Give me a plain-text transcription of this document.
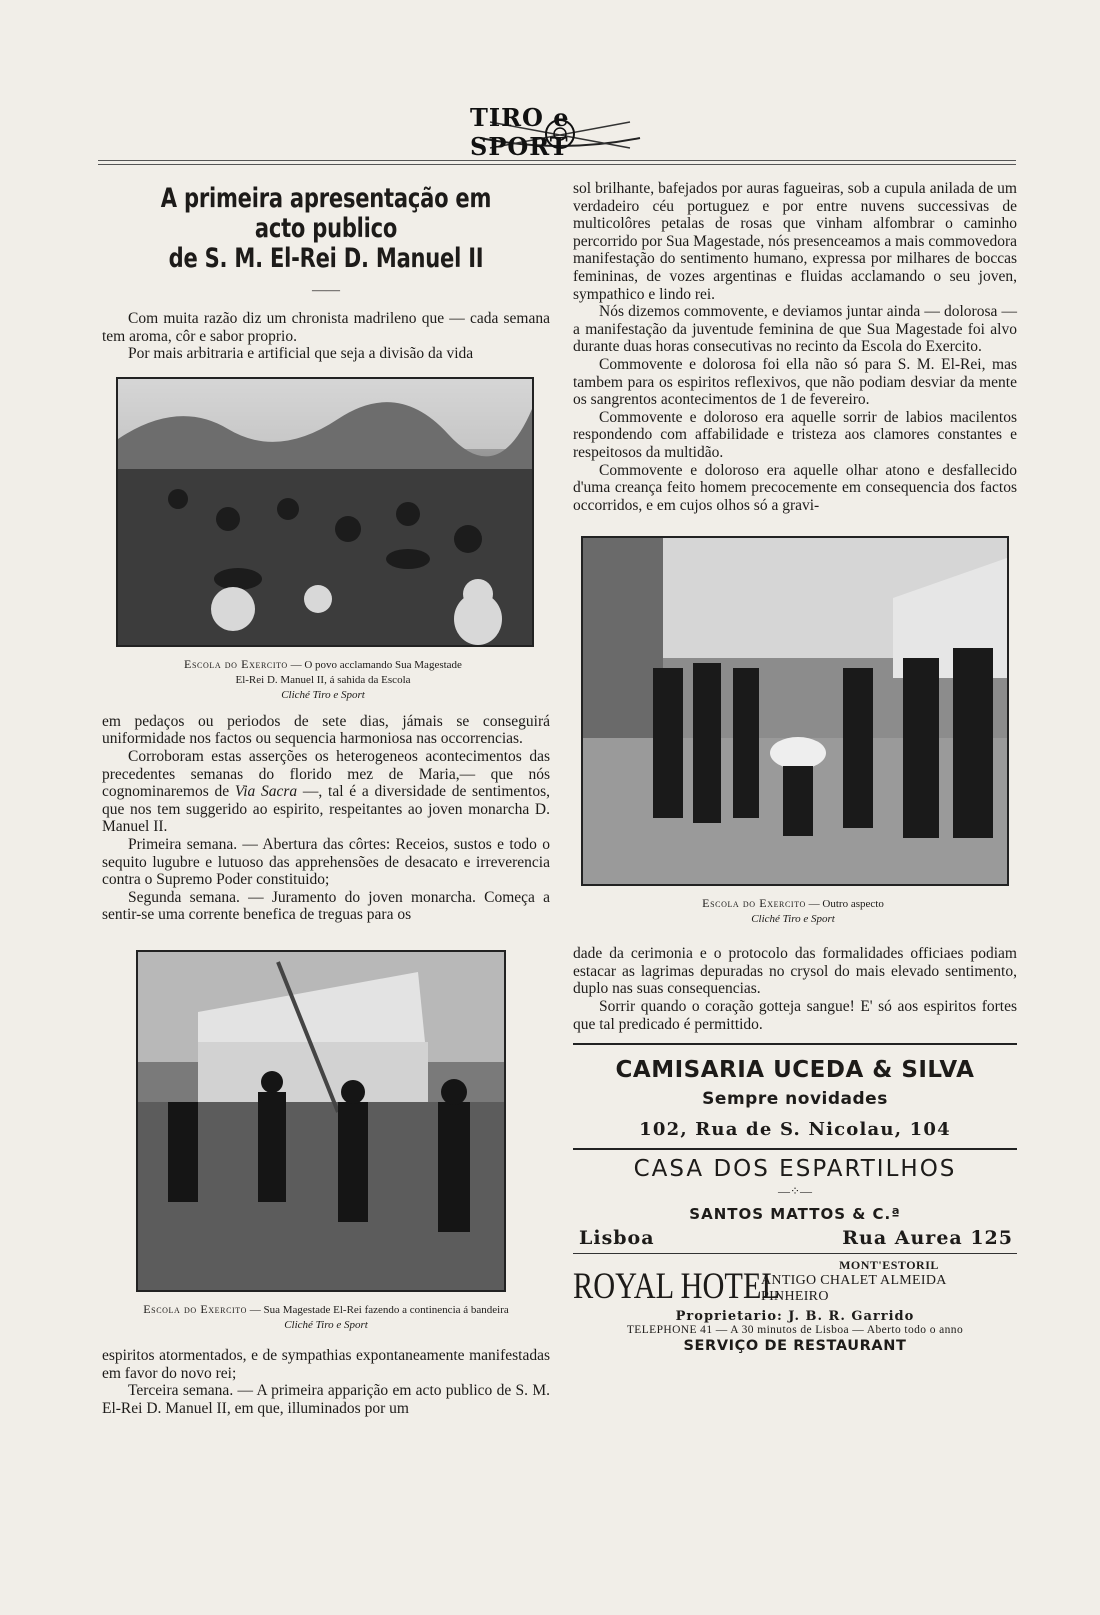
TIRO e SPORT
A primeira apresentação em acto publico
de S. M. El-Rei D. Manuel II
——

Com muita razão diz um chronista madrileno que — cada semana tem aroma, côr e sabor proprio.

Por mais arbitraria e artificial que seja a divisão da vida

Escola do Exercito — O povo acclamando Sua Magestade
El-Rei D. Manuel II, á sahida da Escola
Cliché Tiro e Sport

em pedaços ou periodos de sete dias, jámais se conseguirá uniformidade nos factos ou sequencia harmoniosa nas occorrencias.

Corroboram estas asserções os heterogeneos acontecimentos das precedentes semanas do florido mez de Maria,— que nós cognominaremos de Via Sacra —, tal é a diversidade de sentimentos, que nos tem suggerido ao espirito, respeitantes ao joven monarcha D. Manuel II.

Primeira semana. — Abertura das côrtes: Receios, sustos e todo o sequito lugubre e lutuoso das apprehensões de desacato e irreverencia contra o Supremo Poder constituido;

Segunda semana. — Juramento do joven monarcha. Começa a sentir-se uma corrente benefica de treguas para os

Escola do Exercito — Sua Magestade El-Rei fazendo a continencia á bandeira
Cliché Tiro e Sport

espiritos atormentados, e de sympathias expontaneamente manifestadas em favor do novo rei;

Terceira semana. — A primeira apparição em acto publico de S. M. El-Rei D. Manuel II, em que, illuminados por um

sol brilhante, bafejados por auras fagueiras, sob a cupula anilada de um verdadeiro céu portuguez e por entre nuvens successivas de multicolôres petalas de rosas que vinham alfombrar o caminho percorrido por Sua Magestade, nós presenceamos a mais commovedora manifestação do sentimento humano, expressa por milhares de boccas femininas, de vozes argentinas e fluidas acclamando o seu joven, sympathico e lindo rei.

Nós dizemos commovente, e deviamos juntar ainda — dolorosa — a manifestação da juventude feminina de que Sua Magestade foi alvo durante duas horas consecutivas no recinto da Escola do Exercito.

Commovente e dolorosa foi ella não só para S. M. El-Rei, mas tambem para os espiritos reflexivos, que não podiam desviar da mente os sangrentos acontecimentos de 1 de fevereiro.

Commovente e doloroso era aquelle sorrir de labios macilentos respondendo com affabilidade e tristeza aos clamores constantes e respeitosos da multidão.

Commovente e doloroso era aquelle olhar atono e desfallecido d'uma creança feito homem precocemente em consequencia dos factos occorridos, e em cujos olhos só a gravi-

Escola do Exercito — Outro aspecto
Cliché Tiro e Sport

dade da cerimonia e o protocolo das formalidades officiaes podiam estacar as lagrimas depuradas no crysol do mais elevado sentimento, duplo nas suas consequencias.

Sorrir quando o coração gotteja sangue! E' só aos espiritos fortes que tal predicado é permittido.

CAMISARIA UCEDA & SILVA
Sempre novidades
102, Rua de S. Nicolau, 104
CASA DOS ESPARTILHOS
—⁘—
SANTOS MATTOS & C.ª
Lisboa	Rua Aurea 125
ROYAL HOTEL
MONT'ESTORIL
ANTIGO CHALET ALMEIDA PINHEIRO
Proprietario: J. B. R. Garrido
TELEPHONE 41 — A 30 minutos de Lisboa — Aberto todo o anno
SERVIÇO DE RESTAURANT
